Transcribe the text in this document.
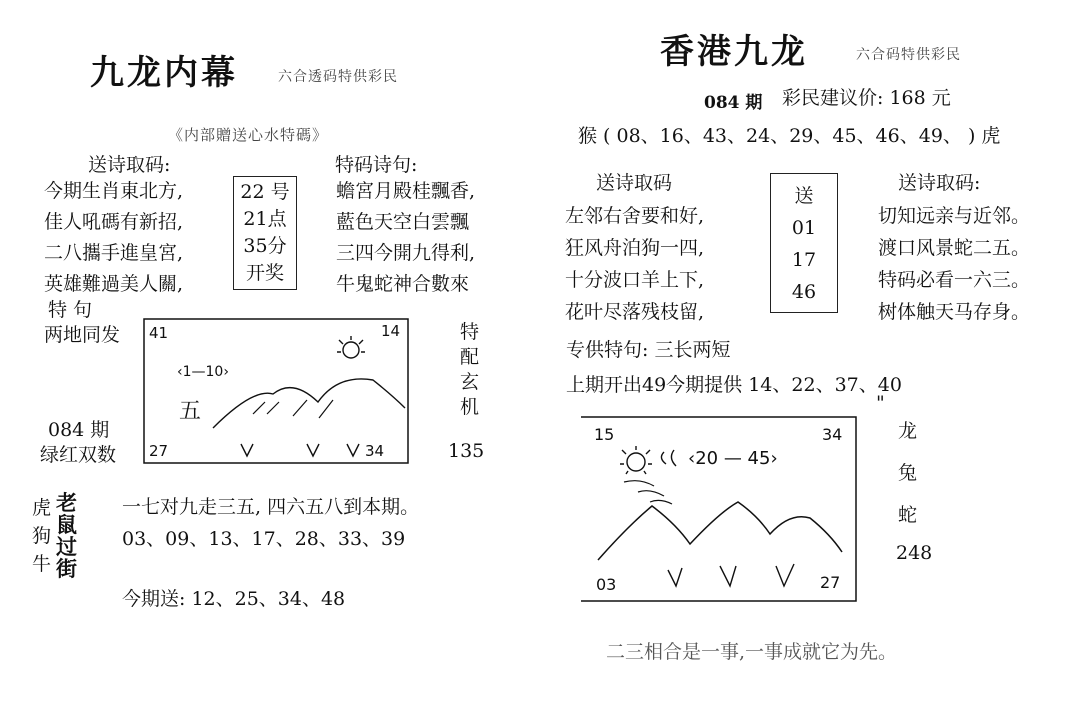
九龙内幕	六合透码特供彩民
《内部贈送心水特碼》
送诗取码:
今期生肖東北方,
佳人吼碼有新招,
二八攜手進皇宮,
英雄難過美人關,
22 号
21点
35分
开奖
特码诗句:
蟾宮月殿桂飄香,
藍色天空白雲飄
三四今開九得利,
牛鬼蛇神合數來
特 句
两地同发 41	14
27	34
‹1—10›
五
特
配
玄
机
084 期
绿红双数	135
虎
狗
牛
老
鼠
过
街
一七对九走三五, 四六五八到本期。
03、09、13、17、28、33、39
今期送: 12、25、34、48
香港九龙	六合码特供彩民
084 期 彩民建议价: 168 元
猴 ( 08、16、43、24、29、45、46、49、 ) 虎
送诗取码
左邻右舍要和好,
狂风舟泊狗一四,
十分波口羊上下,
花叶尽落残枝留,
送
01
17
46
送诗取码:
切知远亲与近邻。
渡口风景蛇二五。
特码必看一六三。
树体触天马存身。
专供特句: 三长两短
上期开出49今期提供 14、22、37、40
"
15	34
03	27
‹20 — 45›
龙
兔
蛇
248
二三相合是一事,一事成就它为先。
